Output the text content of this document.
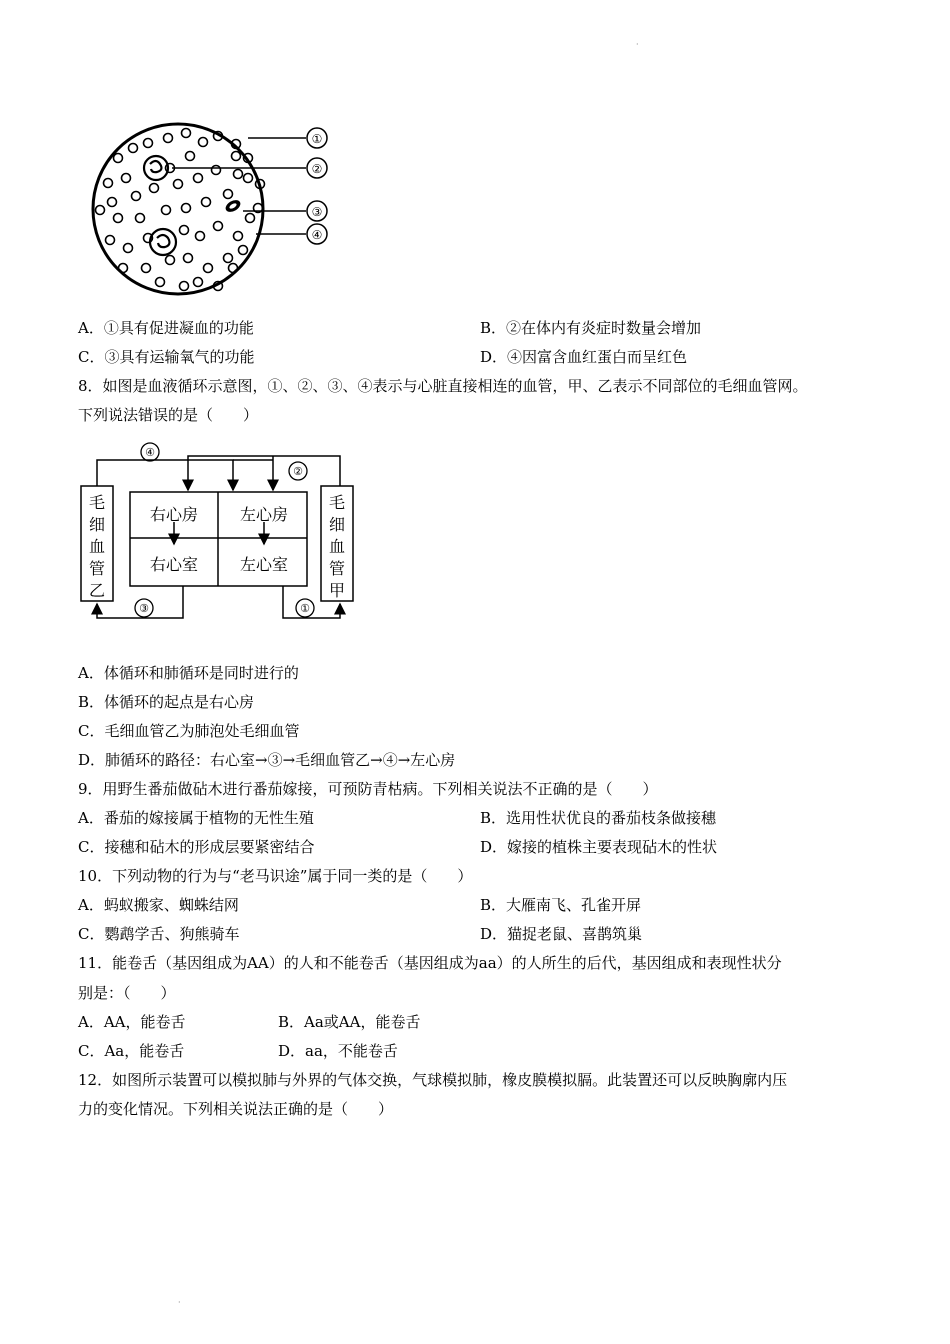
·
①
②
③
④
A．①具有促进凝血的功能	B．②在体内有炎症时数量会增加
C．③具有运输氧气的功能	D．④因富含血红蛋白而呈红色
8．如图是血液循环示意图，①、②、③、④表示与心脏直接相连的血管，甲、乙表示不同部位的毛细血管网。
下列说法错误的是（　　）
④
②
③	①
右心房
右心室
左心房
左心室
毛
细
血
管
乙
毛
细
血
管
甲
A．体循环和肺循环是同时进行的
B．体循环的起点是右心房
C．毛细血管乙为肺泡处毛细血管
D．肺循环的路径：右心室→③→毛细血管乙→④→左心房
9．用野生番茄做砧木进行番茄嫁接，可预防青枯病。下列相关说法不正确的是（　　）
A．番茄的嫁接属于植物的无性生殖	B．选用性状优良的番茄枝条做接穗
C．接穗和砧木的形成层要紧密结合	D．嫁接的植株主要表现砧木的性状
10．下列动物的行为与“老马识途”属于同一类的是（　　）
A．蚂蚁搬家、蜘蛛结网	B．大雁南飞、孔雀开屏
C．鹦鹉学舌、狗熊骑车	D．猫捉老鼠、喜鹊筑巢
11．能卷舌（基因组成为AA）的人和不能卷舌（基因组成为aa）的人所生的后代，基因组成和表现性状分
别是：（　　）
A．AA，能卷舌	B．Aa或AA，能卷舌
C．Aa，能卷舌	D．aa，不能卷舌
12．如图所示装置可以模拟肺与外界的气体交换，气球模拟肺，橡皮膜模拟膈。此装置还可以反映胸廓内压
力的变化情况。下列相关说法正确的是（　　）
·
